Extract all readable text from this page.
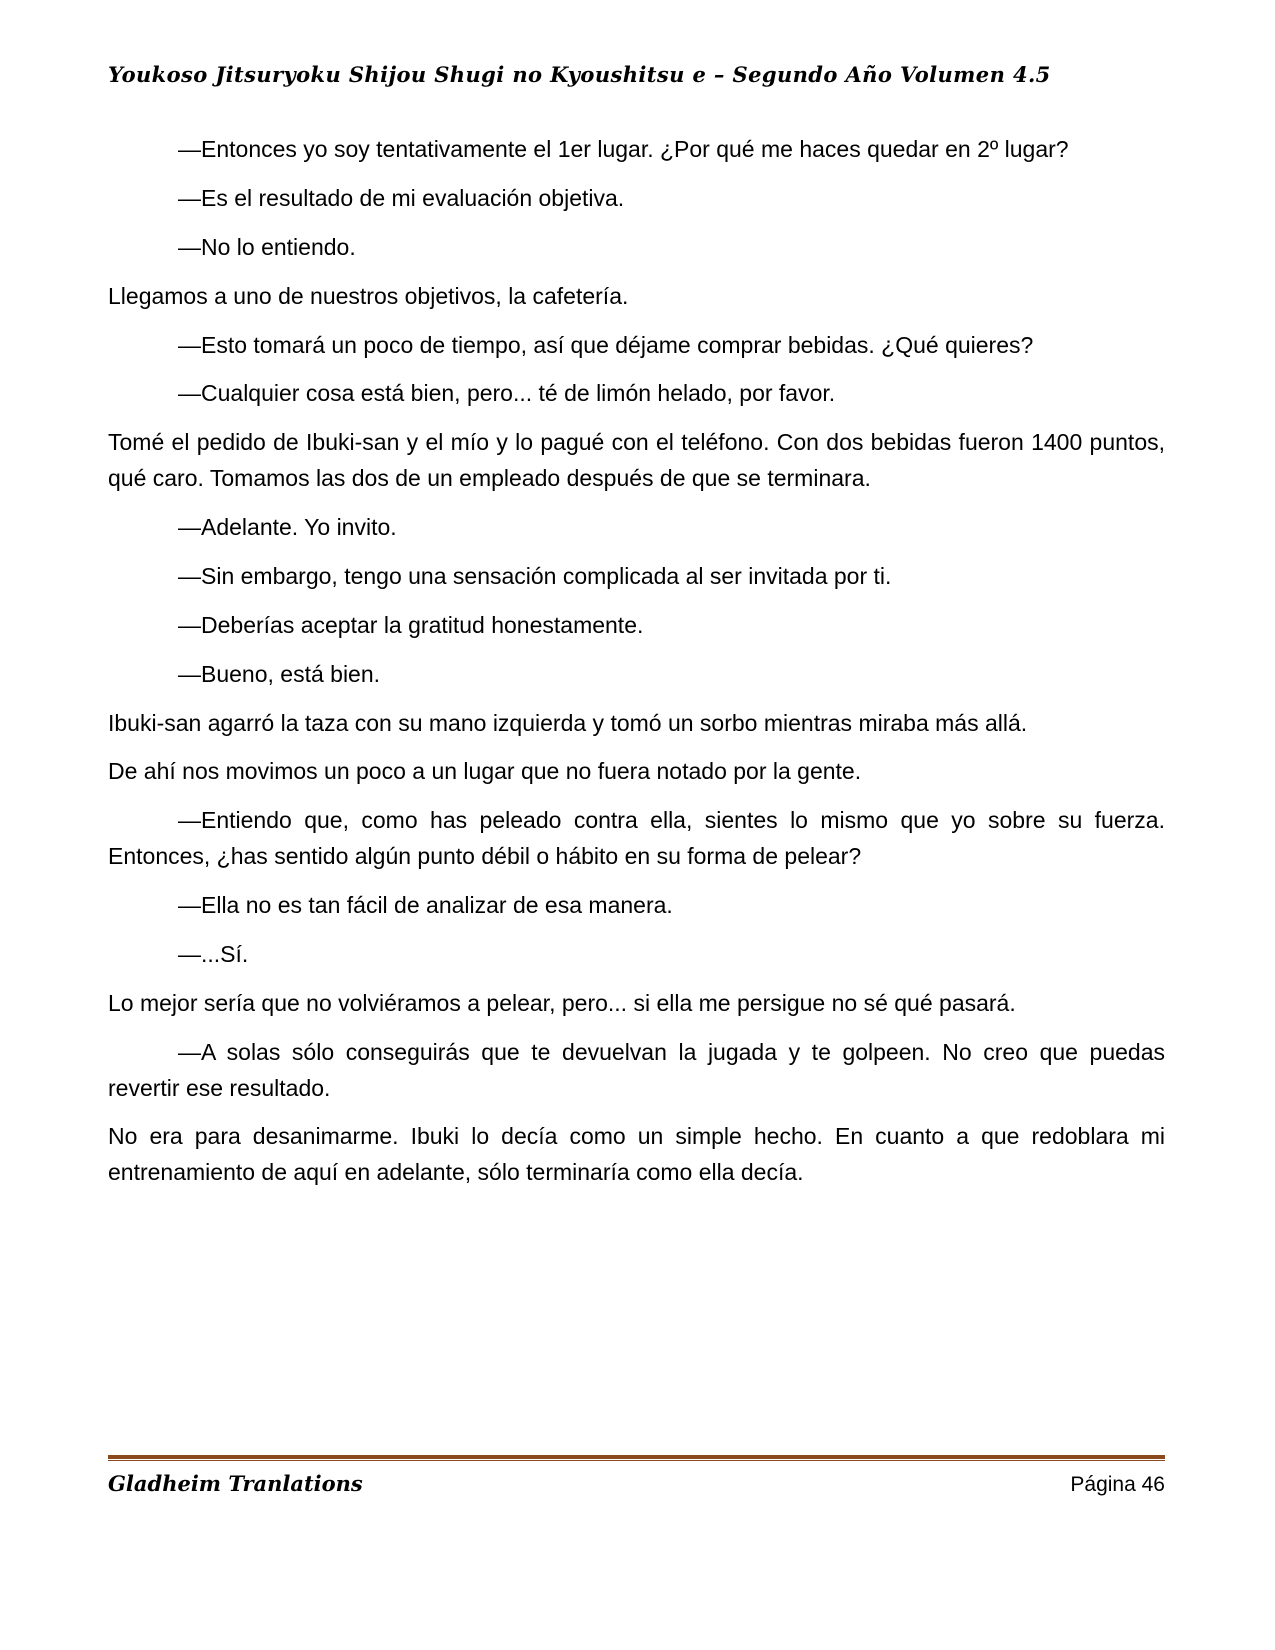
Youkoso Jitsuryoku Shijou Shugi no Kyoushitsu e – Segundo Año Volumen 4.5

—Entonces yo soy tentativamente el 1er lugar. ¿Por qué me haces quedar en 2º lugar?

—Es el resultado de mi evaluación objetiva.

—No lo entiendo.

Llegamos a uno de nuestros objetivos, la cafetería.

—Esto tomará un poco de tiempo, así que déjame comprar bebidas. ¿Qué quieres?

—Cualquier cosa está bien, pero... té de limón helado, por favor.

Tomé el pedido de Ibuki-san y el mío y lo pagué con el teléfono. Con dos bebidas fueron 1400 puntos, qué caro. Tomamos las dos de un empleado después de que se terminara.

—Adelante. Yo invito.

—Sin embargo, tengo una sensación complicada al ser invitada por ti.

—Deberías aceptar la gratitud honestamente.

—Bueno, está bien.

Ibuki-san agarró la taza con su mano izquierda y tomó un sorbo mientras miraba más allá.

De ahí nos movimos un poco a un lugar que no fuera notado por la gente.

—Entiendo que, como has peleado contra ella, sientes lo mismo que yo sobre su fuerza. Entonces, ¿has sentido algún punto débil o hábito en su forma de pelear?

—Ella no es tan fácil de analizar de esa manera.

—...Sí.

Lo mejor sería que no volviéramos a pelear, pero... si ella me persigue no sé qué pasará.

—A solas sólo conseguirás que te devuelvan la jugada y te golpeen. No creo que puedas revertir ese resultado.

No era para desanimarme. Ibuki lo decía como un simple hecho. En cuanto a que redoblara mi entrenamiento de aquí en adelante, sólo terminaría como ella decía.

Gladheim Tranlations	Página 46
